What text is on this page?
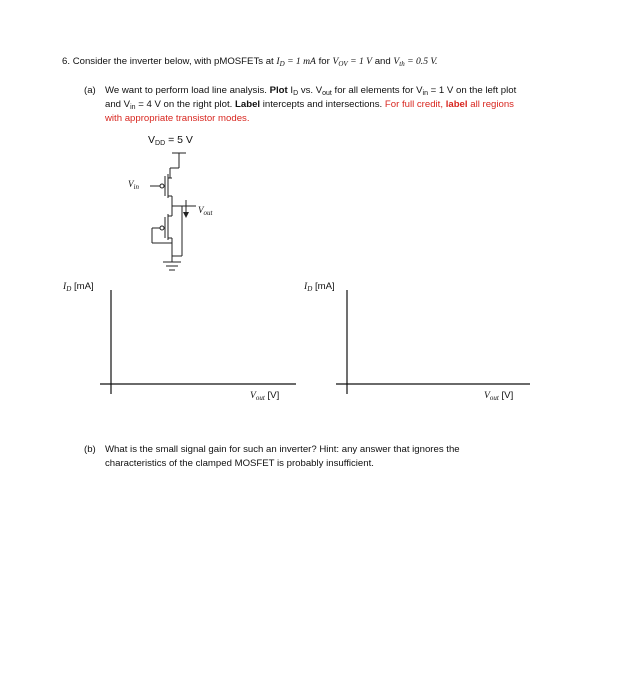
6. Consider the inverter below, with pMOSFETs at $I_D = 1$ mA for $V_{OV} = 1$ V and $V_{th} = 0.5$ V.
(a) We want to perform load line analysis. Plot $I_D$ vs. $V_{out}$ for all elements for $V_{in} = 1$ V on the left plot
and $V_{in} = 4$ V on the right plot. Label intercepts and intersections. For full credit, label all regions
with appropriate transistor modes.
$V_{DD} = 5$ V
$V_{in}$
$V_{out}$
$I_D$ [mA]
$V_{out}$ [V]
$I_D$ [mA]
$V_{out}$ [V]
(b) What is the small signal gain for such an inverter? Hint: any answer that ignores the
characteristics of the clamped MOSFET is probably insufficient.
